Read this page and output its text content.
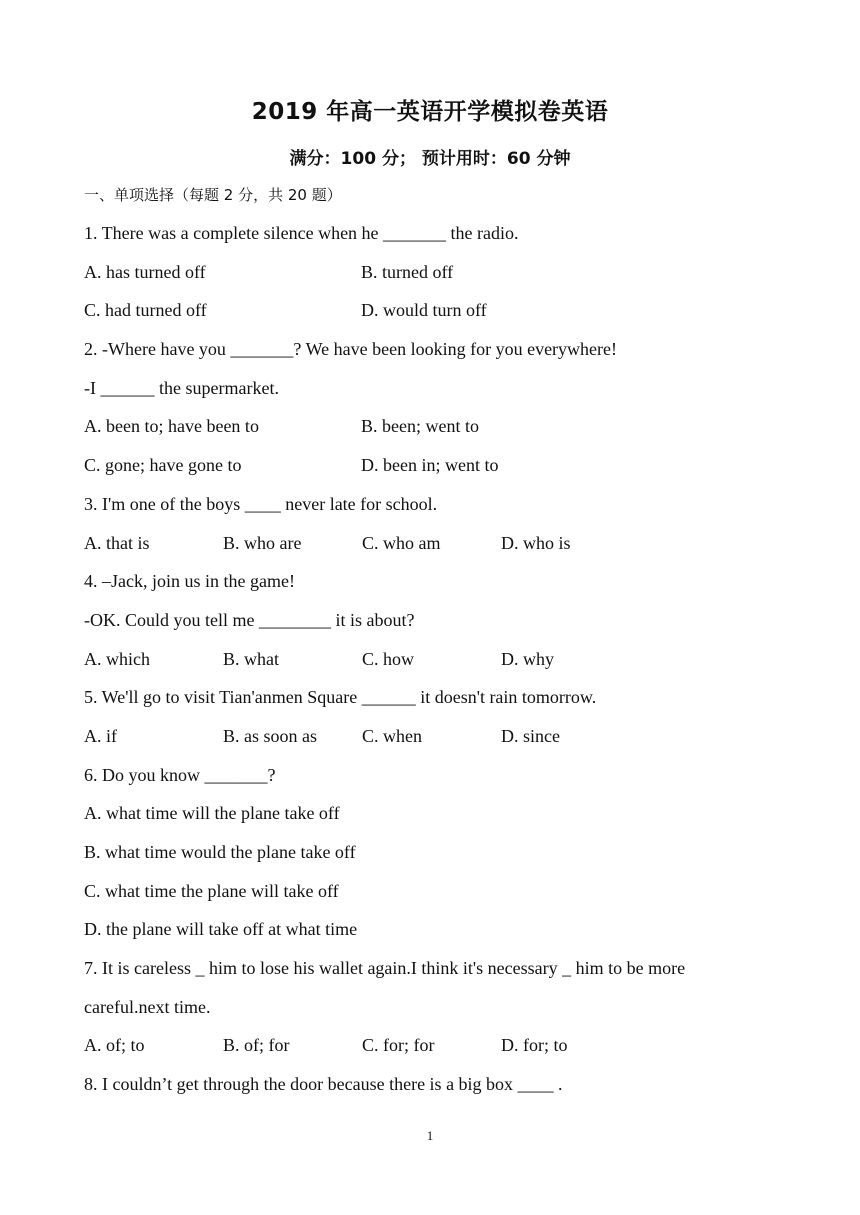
2019 年高一英语开学模拟卷英语
满分：100 分； 预计用时：60 分钟
一、单项选择（每题 2 分，共 20 题）
1. There was a complete silence when he _______ the radio.
A. has turned off	B. turned off
C. had turned off	D. would turn off
2. -Where have you _______? We have been looking for you everywhere!
-I ______ the supermarket.
A. been to; have been to	B. been; went to
C. gone; have gone to	D. been in; went to
3. I'm one of the boys ____ never late for school.
A. that is	B. who are	C. who am	D. who is
4. –Jack, join us in the game!
-OK. Could you tell me ________ it is about?
A. which	B. what	C. how	D. why
5. We'll go to visit Tian'anmen Square ______ it doesn't rain tomorrow.
A. if	B. as soon as	C. when	D. since
6. Do you know _______?
A. what time will the plane take off
B. what time would the plane take off
C. what time the plane will take off
D. the plane will take off at what time
7. It is careless _ him to lose his wallet again.I think it's necessary _ him to be more
careful.next time.
A. of; to	B. of; for	C. for; for	D. for; to
8. I couldn’t get through the door because there is a big box ____ .
1
